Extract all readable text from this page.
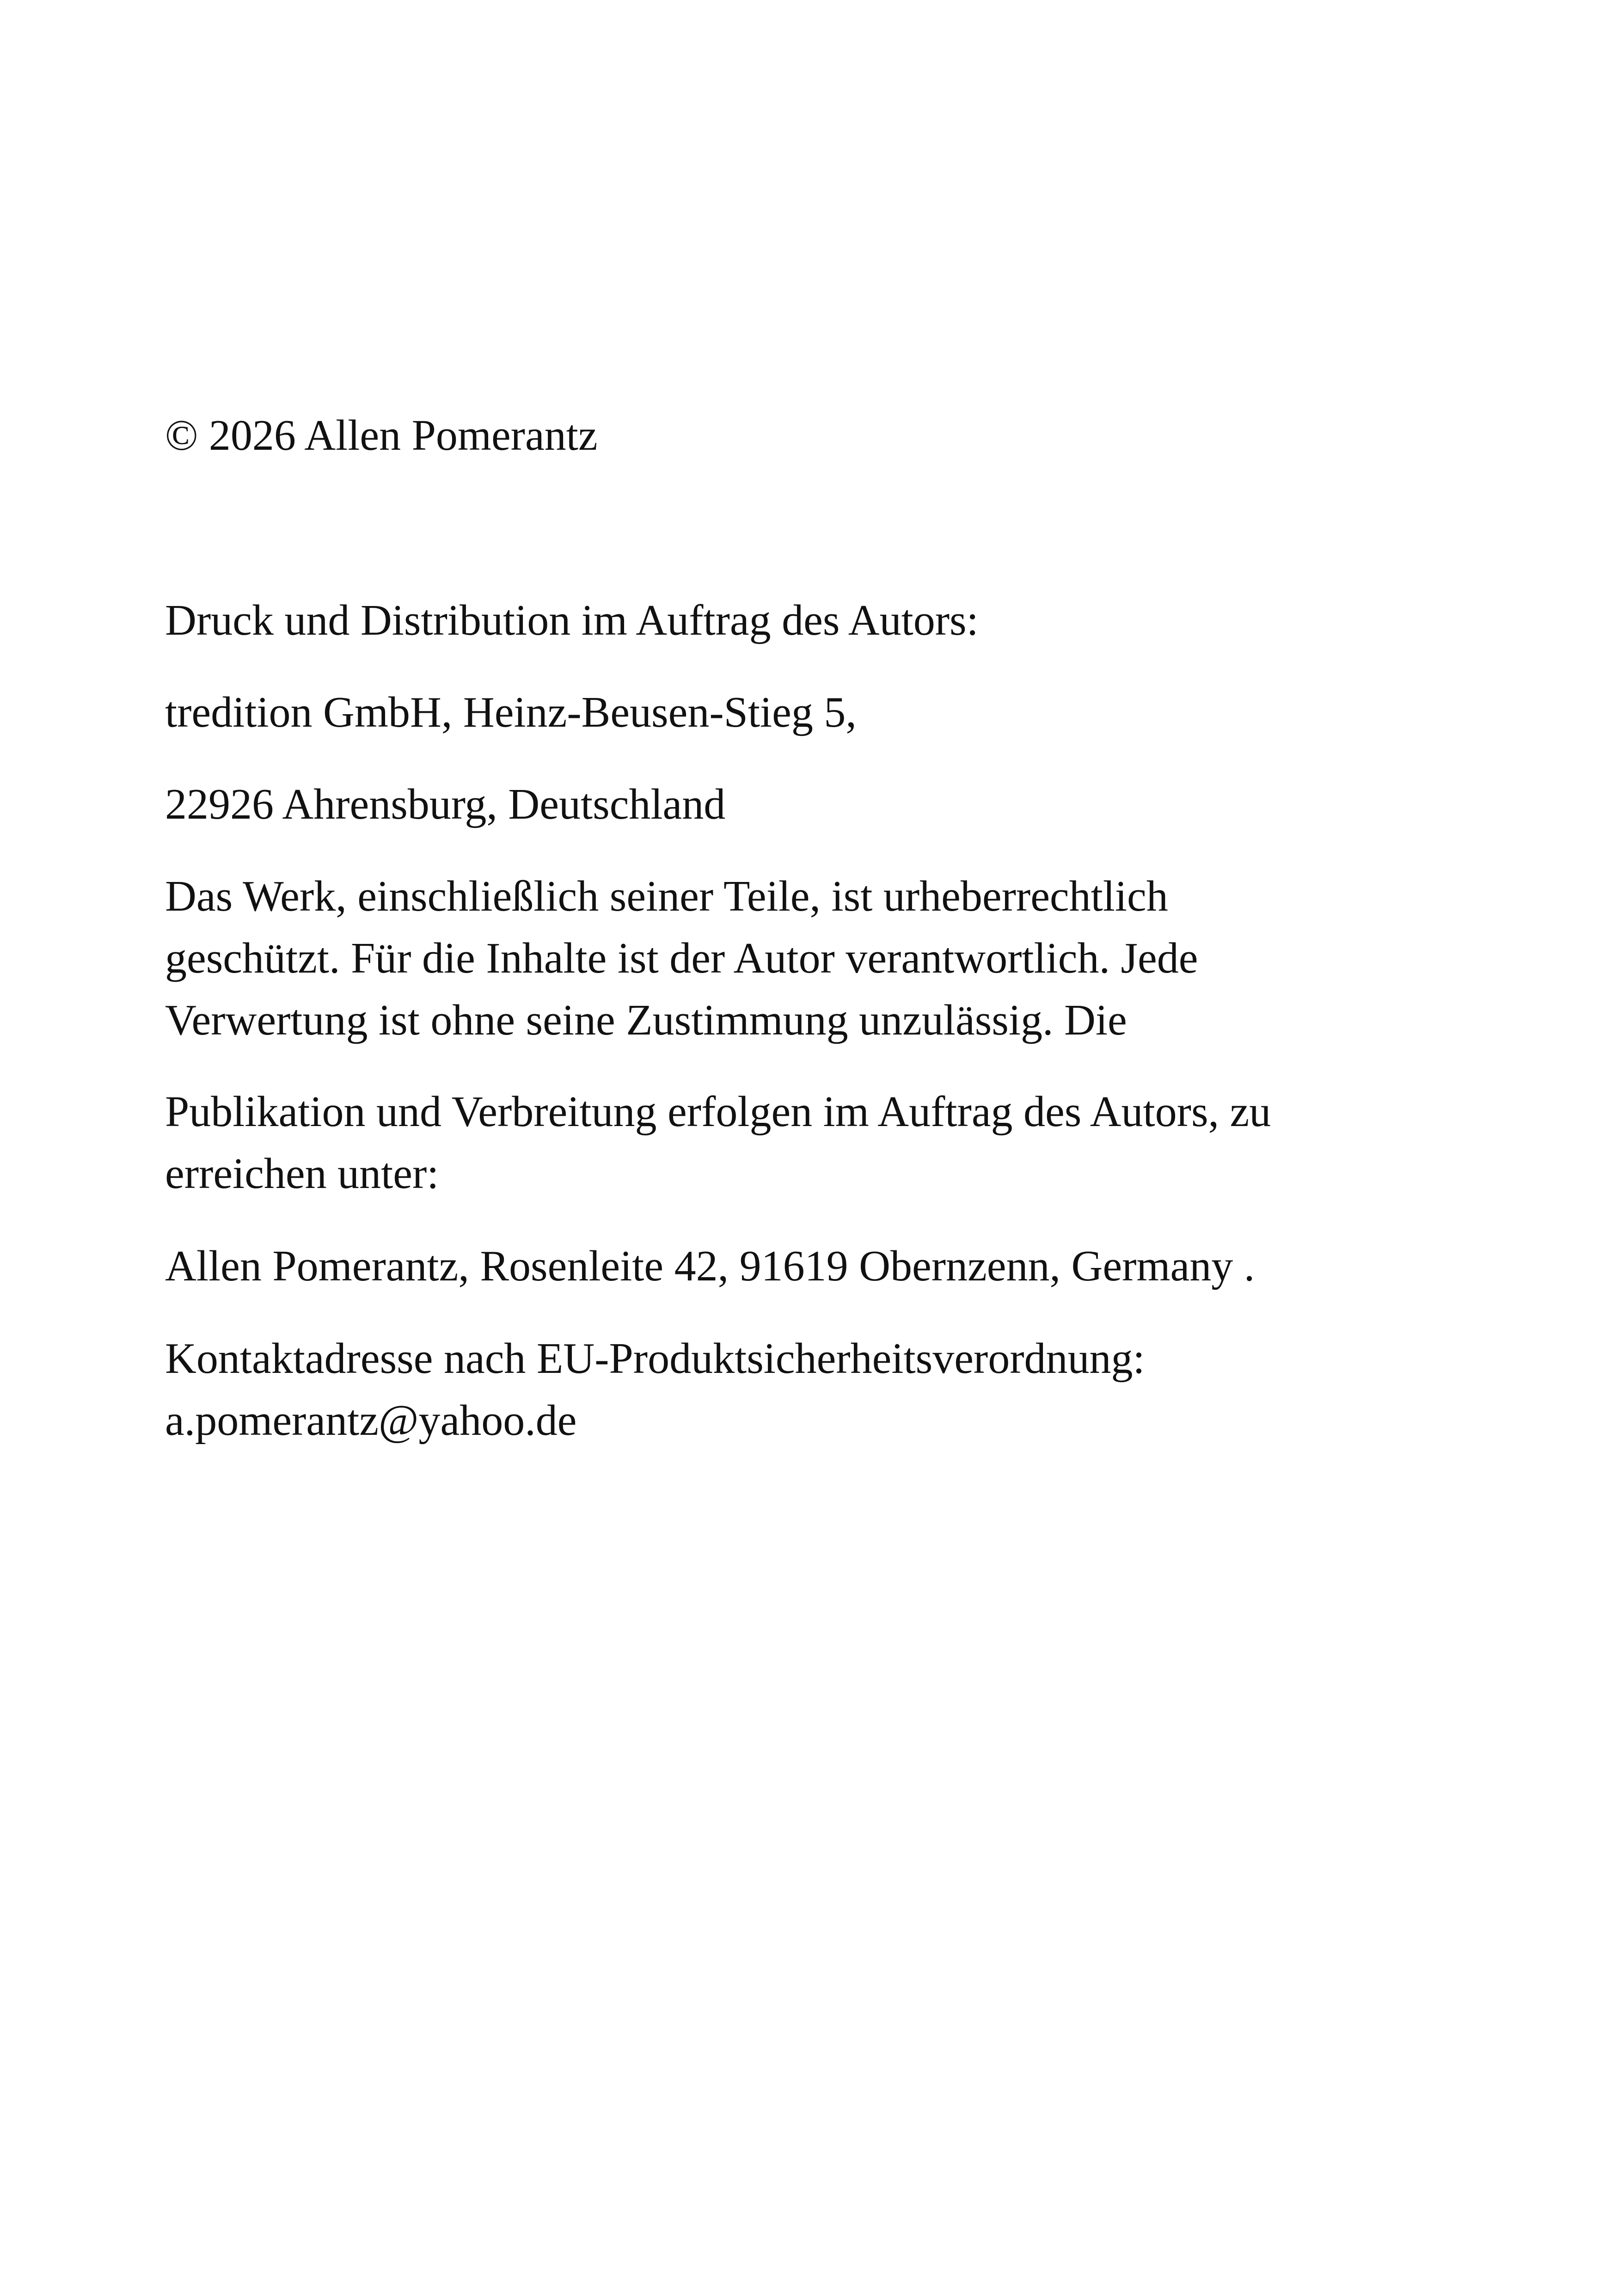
© 2026 Allen Pomerantz

Druck und Distribution im Auftrag des Autors:

tredition GmbH, Heinz-Beusen-Stieg 5,

22926 Ahrensburg, Deutschland

Das Werk, einschließlich seiner Teile, ist urheberrechtlich
geschützt. Für die Inhalte ist der Autor verantwortlich. Jede
Verwertung ist ohne seine Zustimmung unzulässig. Die
Publikation und Verbreitung erfolgen im Auftrag des Autors, zu
erreichen unter:

Allen Pomerantz, Rosenleite 42, 91619 Obernzenn, Germany .

Kontaktadresse nach EU-Produktsicherheitsverordnung:
a.pomerantz@yahoo.de
